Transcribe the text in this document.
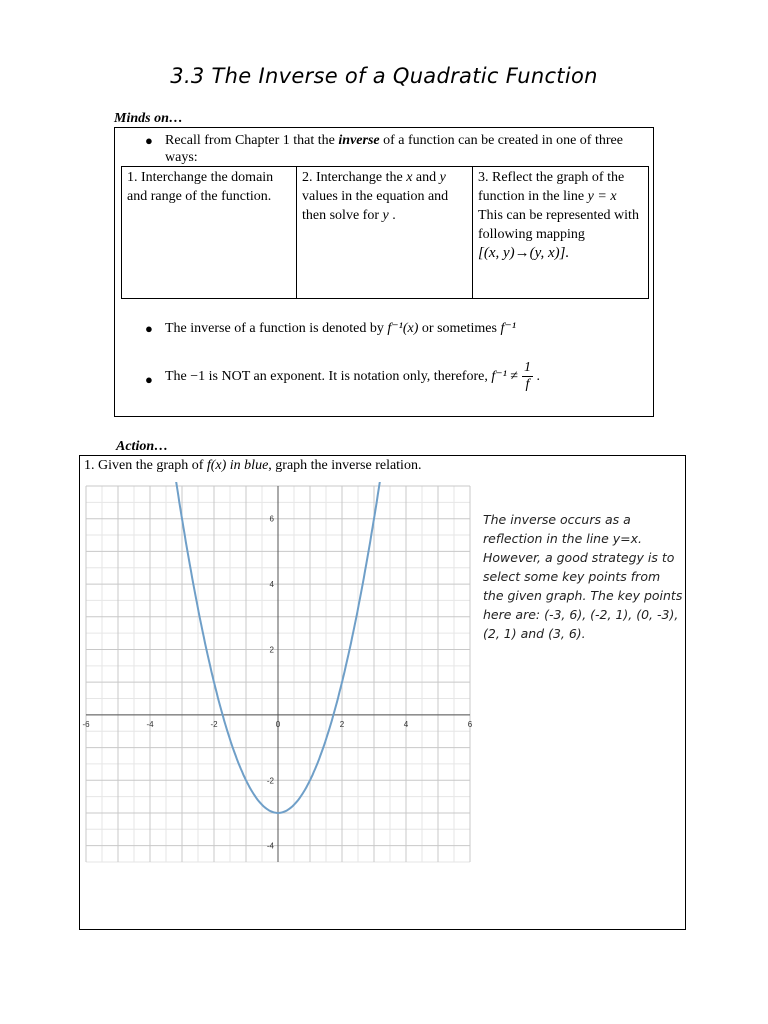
3.3 The Inverse of a Quadratic Function
Minds on…
● Recall from Chapter 1 that the inverse of a function can be created in one of three ways:
1. Interchange the domain and range of the function.
2. Interchange the x and y values in the equation and then solve for y .
3. Reflect the graph of the function in the line y = x
This can be represented with following mapping
[(x, y)→(y, x)].
● The inverse of a function is denoted by f⁻¹(x) or sometimes f⁻¹
● The −1 is NOT an exponent. It is notation only, therefore, $f^{-1} \ne \frac{1}{f}$ .
Action…
1. Given the graph of f(x) in blue, graph the inverse relation.
-6	-4	-2	0	2	4	6
6
4
2
-2
-4
The inverse occurs as a reflection in the line y=x. However, a good strategy is to select some key points from the given graph. The key points here are: (-3, 6), (-2, 1), (0, -3), (2, 1) and (3, 6).
